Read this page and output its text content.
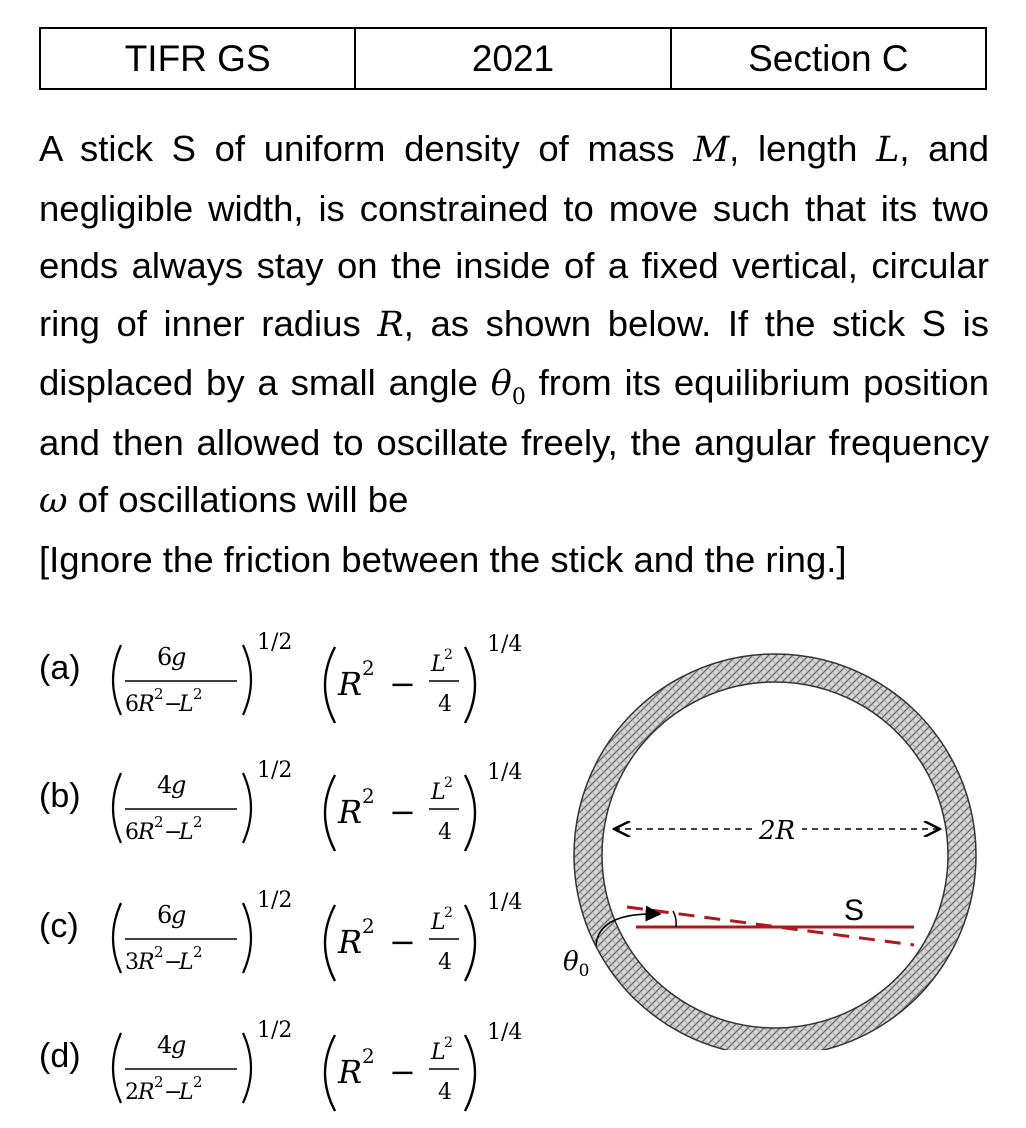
TIFR GS	2021	Section C
A stick S of uniform density of mass M, length L, and negligible width, is constrained to move such that its two ends always stay on the inside of a fixed vertical, circular ring of inner radius R, as shown below. If the stick S is displaced by a small angle $\theta_0$ from its equilibrium position and then allowed to oscillate freely, the angular frequency ω of oscillations will be
[Ignore the friction between the stick and the ring.]
(a)	6
g
6 R 2 −
L 2
1/2
R 2 −
L
2
4
1/4
(b)	4
g
6 R 2 −
L 2
1/2
R 2 −
L
2
4
1/4
(c)	6
g
3 R 2 −
L 2
1/2
R 2 −
L
2
4
1/4
(d)	4
g
2 R 2 −
L 2
1/2
R 2 −
L
2
4
1/4
2R
S
$\theta_0$
